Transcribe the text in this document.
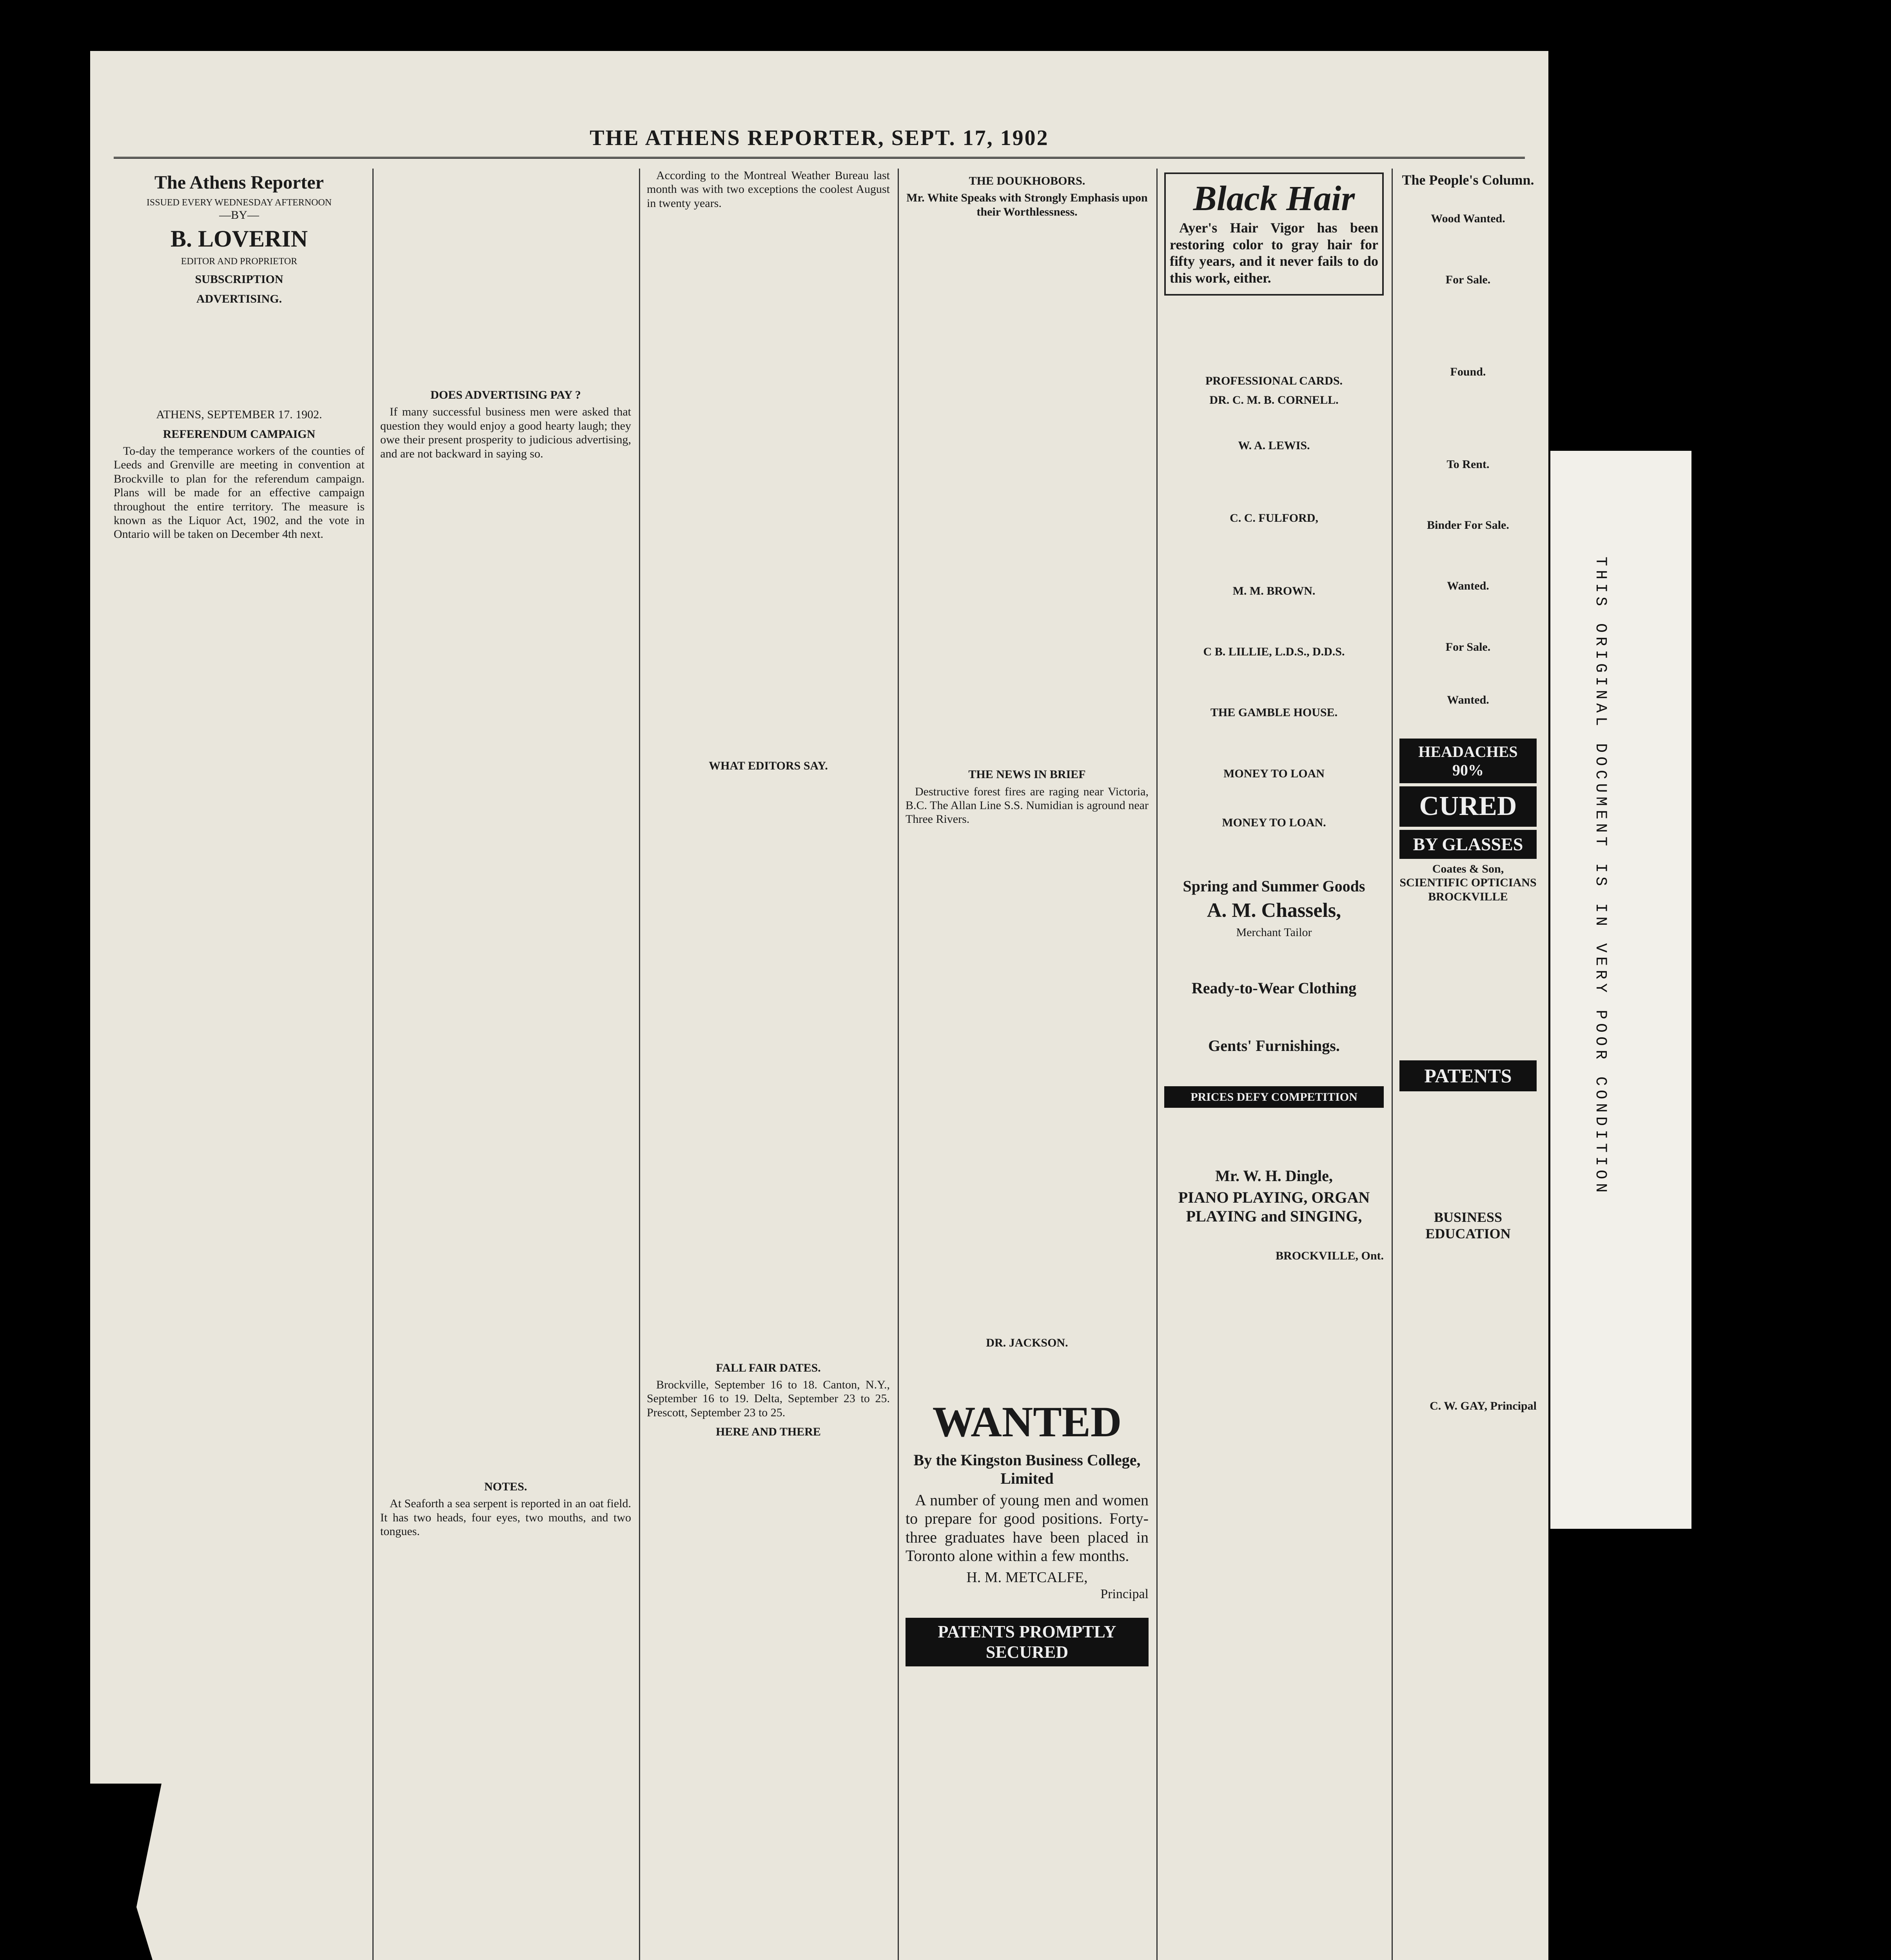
THE ATHENS REPORTER, SEPT. 17, 1902
The Athens Reporter
ISSUED EVERY WEDNESDAY AFTERNOON
—BY—
B. LOVERIN
EDITOR AND PROPRIETOR
SUBSCRIPTION
ADVERTISING.
ATHENS, SEPTEMBER 17. 1902.
REFERENDUM CAMPAIGN

To-day the temperance workers of the counties of Leeds and Grenville are meeting in convention at Brockville to plan for the referendum campaign. Plans will be made for an effective campaign throughout the entire territory. The measure is known as the Liquor Act, 1902, and the vote in Ontario will be taken on December 4th next.

DOES ADVERTISING PAY ?

If many successful business men were asked that question they would enjoy a good hearty laugh; they owe their present prosperity to judicious advertising, and are not backward in saying so.

NOTES.

At Seaforth a sea serpent is reported in an oat field. It has two heads, four eyes, two mouths, and two tongues.

According to the Montreal Weather Bureau last month was with two exceptions the coolest August in twenty years.

WHAT EDITORS SAY.
FALL FAIR DATES.

Brockville, September 16 to 18. Canton, N.Y., September 16 to 19. Delta, September 23 to 25. Prescott, September 23 to 25.

HERE AND THERE
THE DOUKHOBORS.
Mr. White Speaks with Strongly Emphasis upon their Worthlessness.
THE NEWS IN BRIEF

Destructive forest fires are raging near Victoria, B.C. The Allan Line S.S. Numidian is aground near Three Rivers.

DR. JACKSON.
WANTED
By the Kingston Business College, Limited

A number of young men and women to prepare for good positions. Forty-three graduates have been placed in Toronto alone within a few months.

H. M. METCALFE,
Principal
PATENTS PROMPTLY SECURED
Black Hair

Ayer's Hair Vigor has been restoring color to gray hair for fifty years, and it never fails to do this work, either.

PROFESSIONAL CARDS.
DR. C. M. B. CORNELL.
W. A. LEWIS.
C. C. FULFORD,
M. M. BROWN.
C B. LILLIE, L.D.S., D.D.S.
THE GAMBLE HOUSE.
MONEY TO LOAN
MONEY TO LOAN.
Spring and Summer Goods
A. M. Chassels,
Merchant Tailor
Ready-to-Wear Clothing
Gents' Furnishings.
PRICES DEFY COMPETITION
Mr. W. H. Dingle,
PIANO PLAYING, ORGAN PLAYING and SINGING,
BROCKVILLE, Ont.
The People's Column.
Wood Wanted.
For Sale.
Found.
To Rent.
Binder For Sale.
Wanted.
For Sale.
Wanted.
HEADACHES 90%
CURED
BY GLASSES
Coates & Son, SCIENTIFIC OPTICIANS BROCKVILLE
PATENTS
BUSINESS EDUCATION
C. W. GAY, Principal
THIS ORIGINAL DOCUMENT IS IN VERY POOR CONDITION
